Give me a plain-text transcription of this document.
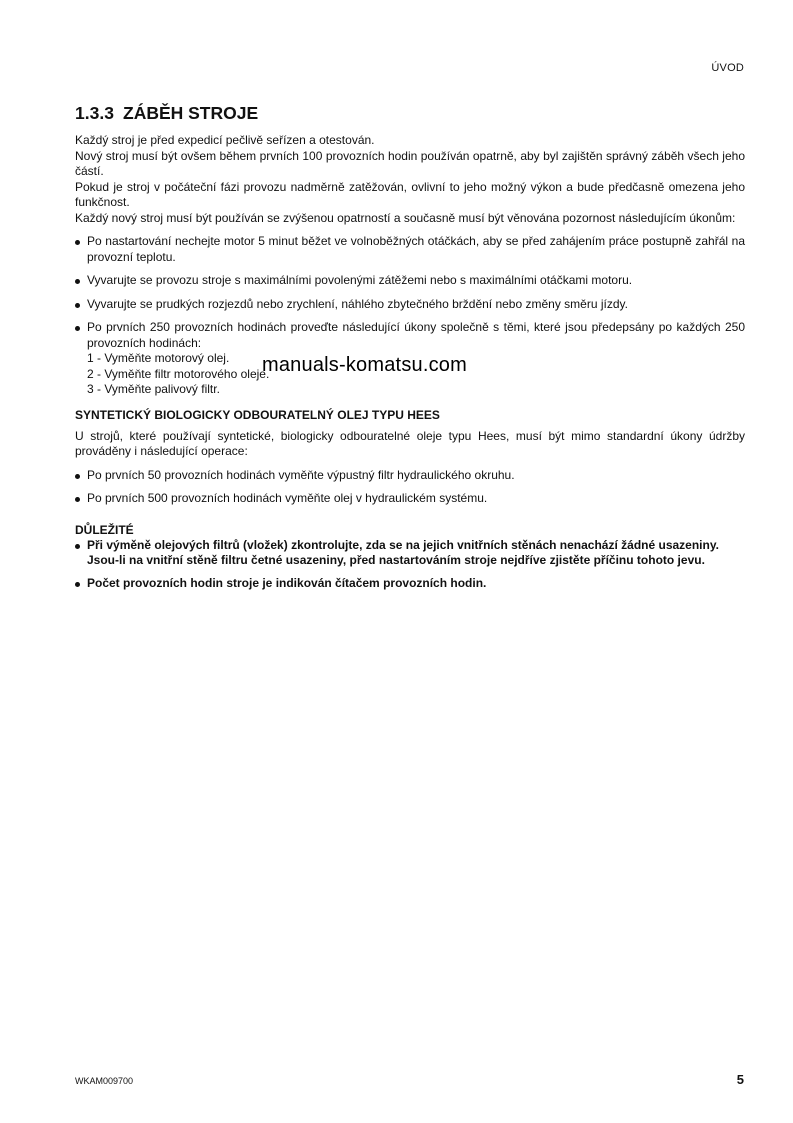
ÚVOD
1.3.3 ZÁBĚH STROJE

Každý stroj je před expedicí pečlivě seřízen a otestován.

Nový stroj musí být ovšem během prvních 100 provozních hodin používán opatrně, aby byl zajištěn správný záběh všech jeho částí.

Pokud je stroj v počáteční fázi provozu nadměrně zatěžován, ovlivní to jeho možný výkon a bude předčasně omezena jeho funkčnost.

Každý nový stroj musí být používán se zvýšenou opatrností a současně musí být věnována pozornost následujícím úkonům:

Po nastartování nechejte motor 5 minut běžet ve volnoběžných otáčkách, aby se před zahájením práce postupně zahřál na provozní teplotu.
Vyvarujte se provozu stroje s maximálními povolenými zátěžemi nebo s maximálními otáčkami motoru.
Vyvarujte se prudkých rozjezdů nebo zrychlení, náhlého zbytečného brždění nebo změny směru jízdy.
Po prvních 250 provozních hodinách proveďte následující úkony společně s těmi, které jsou předepsány po každých 250 provozních hodinách:
1 - Vyměňte motorový olej.
2 - Vyměňte filtr motorového oleje.
3 - Vyměňte palivový filtr.
SYNTETICKÝ BIOLOGICKY ODBOURATELNÝ OLEJ TYPU HEES

U strojů, které používají syntetické, biologicky odbouratelné oleje typu Hees, musí být mimo standardní úkony údržby prováděny i následující operace:

Po prvních 50 provozních hodinách vyměňte výpustný filtr hydraulického okruhu.
Po prvních 500 provozních hodinách vyměňte olej v hydraulickém systému.
DŮLEŽITÉ
Při výměně olejových filtrů (vložek) zkontrolujte, zda se na jejich vnitřních stěnách nenachází žádné usazeniny.
Jsou-li na vnitřní stěně filtru četné usazeniny, před nastartováním stroje nejdříve zjistěte příčinu tohoto jevu.
Počet provozních hodin stroje je indikován čítačem provozních hodin.
manuals-komatsu.com
WKAM009700	5
